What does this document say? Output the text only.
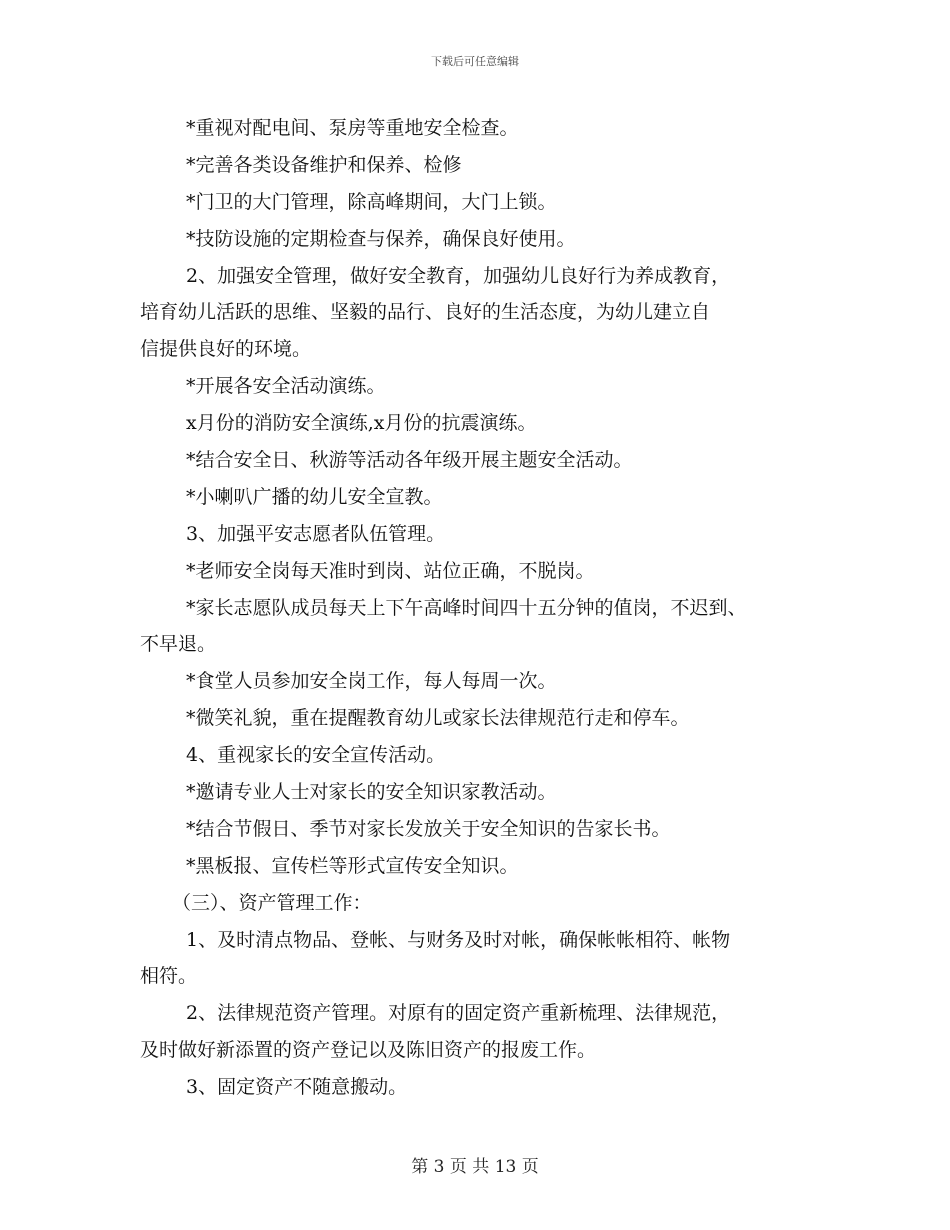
下载后可任意编辑
*重视对配电间、泵房等重地安全检查。
*完善各类设备维护和保养、检修
*门卫的大门管理，除高峰期间，大门上锁。
*技防设施的定期检查与保养，确保良好使用。
2、加强安全管理，做好安全教育，加强幼儿良好行为养成教育，
培育幼儿活跃的思维、坚毅的品行、良好的生活态度，为幼儿建立自
信提供良好的环境。
*开展各安全活动演练。
x月份的消防安全演练,x月份的抗震演练。
*结合安全日、秋游等活动各年级开展主题安全活动。
*小喇叭广播的幼儿安全宣教。
3、加强平安志愿者队伍管理。
*老师安全岗每天准时到岗、站位正确，不脱岗。
*家长志愿队成员每天上下午高峰时间四十五分钟的值岗，不迟到、
不早退。
*食堂人员参加安全岗工作，每人每周一次。
*微笑礼貌，重在提醒教育幼儿或家长法律规范行走和停车。
4、重视家长的安全宣传活动。
*邀请专业人士对家长的安全知识家教活动。
*结合节假日、季节对家长发放关于安全知识的告家长书。
*黑板报、宣传栏等形式宣传安全知识。
（三）、资产管理工作：
1、及时清点物品、登帐、与财务及时对帐，确保帐帐相符、帐物
相符。
2、法律规范资产管理。对原有的固定资产重新梳理、法律规范，
及时做好新添置的资产登记以及陈旧资产的报废工作。
3、固定资产不随意搬动。
第 3 页 共 13 页
